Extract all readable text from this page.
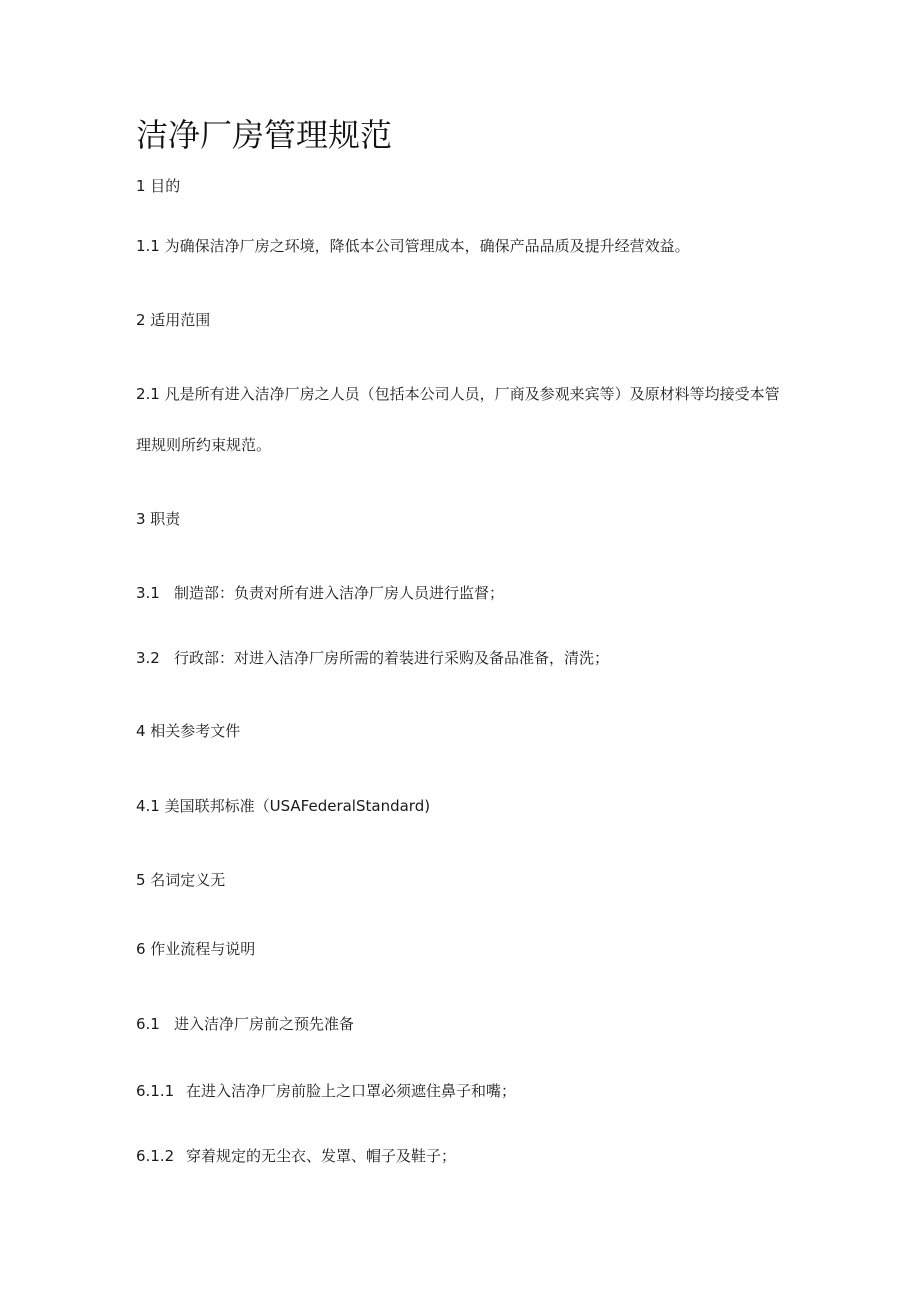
洁净厂房管理规范
1 目的
1.1 为确保洁净厂房之环境，降低本公司管理成本，确保产品品质及提升经营效益。
2 适用范围
2.1 凡是所有进入洁净厂房之人员（包括本公司人员，厂商及参观来宾等）及原材料等均接受本管
理规则所约束规范。
3 职责
3.1 制造部：负责对所有进入洁净厂房人员进行监督；
3.2 行政部：对进入洁净厂房所需的着装进行采购及备品准备，清洗；
4 相关参考文件
4.1 美国联邦标准（USAFederalStandard)
5 名词定义无
6 作业流程与说明
6.1 进入洁净厂房前之预先准备
6.1.1 在进入洁净厂房前脸上之口罩必须遮住鼻子和嘴；
6.1.2 穿着规定的无尘衣、发罩、帽子及鞋子；
